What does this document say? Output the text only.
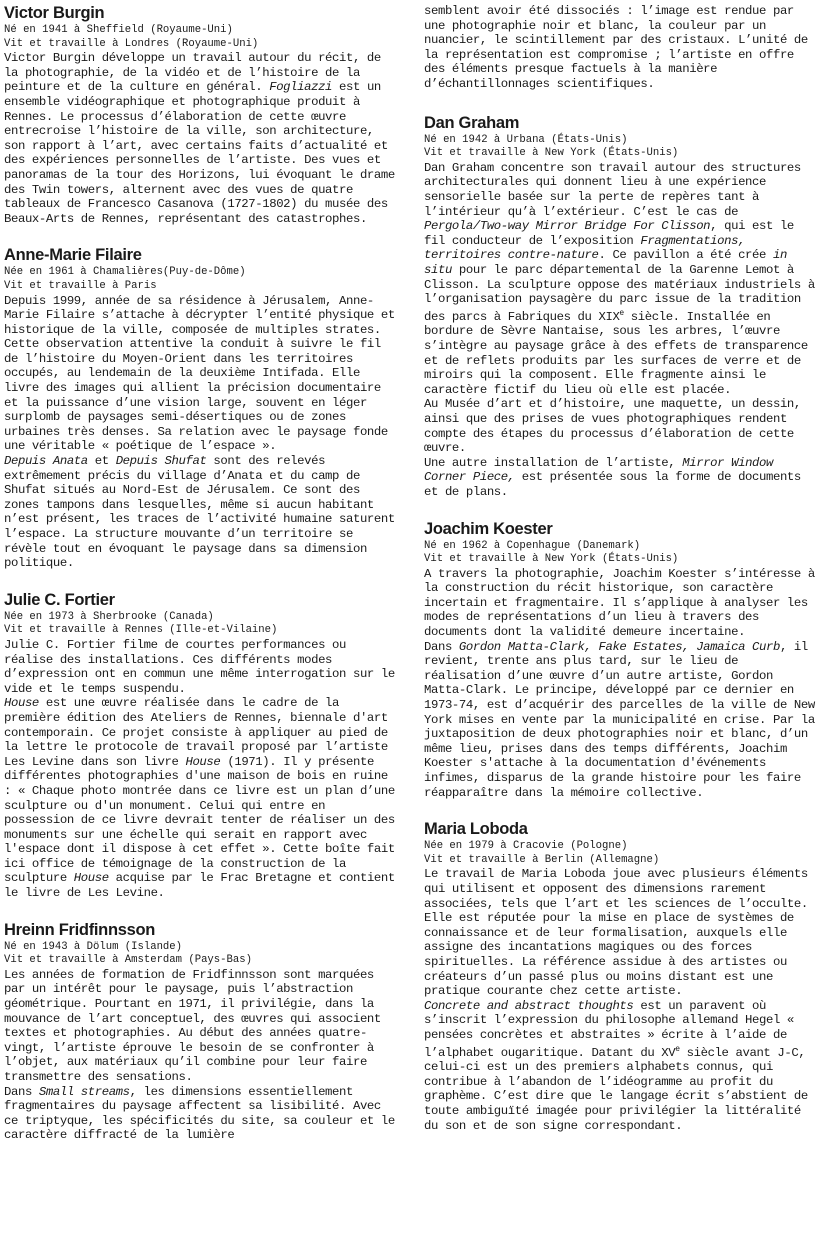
Victor Burgin

Né en 1941 à Sheffield (Royaume-Uni)

Vit et travaille à Londres (Royaume-Uni)

Victor Burgin développe un travail autour du récit, de la photographie, de la vidéo et de l’histoire de la peinture et de la culture en général. Fogliazzi est un ensemble vidéographique et photographique produit à Rennes. Le processus d’élaboration de cette œuvre entrecroise l’histoire de la ville, son architecture, son rapport à l’art, avec certains faits d’actualité et des expériences personnelles de l’artiste. Des vues et panoramas de la tour des Horizons, lui évoquant le drame des Twin towers, alternent avec des vues de quatre tableaux de Francesco Casanova (1727-1802) du musée des Beaux-Arts de Rennes, représentant des catastrophes.

Anne-Marie Filaire

Née en 1961 à Chamalières(Puy-de-Dôme)

Vit et travaille à Paris

Depuis 1999, année de sa résidence à Jérusalem, Anne-Marie Filaire s’attache à décrypter l’entité physique et historique de la ville, composée de multiples strates. Cette observation attentive la conduit à suivre le fil de l’histoire du Moyen-Orient dans les territoires occupés, au lendemain de la deuxième Intifada. Elle livre des images qui allient la précision documentaire et la puissance d’une vision large, souvent en léger surplomb de paysages semi-désertiques ou de zones urbaines très denses. Sa relation avec le paysage fonde une véritable « poétique de l’espace ».

Depuis Anata et Depuis Shufat sont des relevés extrêmement précis du village d’Anata et du camp de Shufat situés au Nord-Est de Jérusalem. Ce sont des zones tampons dans lesquelles, même si aucun habitant n’est présent, les traces de l’activité humaine saturent l’espace. La structure mouvante d’un territoire se révèle tout en évoquant le paysage dans sa dimension politique.

Julie C. Fortier

Née en 1973 à Sherbrooke (Canada)

Vit et travaille à Rennes (Ille-et-Vilaine)

Julie C. Fortier filme de courtes performances ou réalise des installations. Ces différents modes d’expression ont en commun une même interrogation sur le vide et le temps suspendu.

House est une œuvre réalisée dans le cadre de la première édition des Ateliers de Rennes, biennale d'art contemporain. Ce projet consiste à appliquer au pied de la lettre le protocole de travail proposé par l’artiste Les Levine dans son livre House (1971). Il y présente différentes photographies d'une maison de bois en ruine : « Chaque photo montrée dans ce livre est un plan d’une sculpture ou d'un monument. Celui qui entre en possession de ce livre devrait tenter de réaliser un des monuments sur une échelle qui serait en rapport avec l'espace dont il dispose à cet effet ». Cette boîte fait ici office de témoignage de la construction de la sculpture House acquise par le Frac Bretagne et contient le livre de Les Levine.

Hreinn Fridfinnsson

Né en 1943 à Dölum (Islande)

Vit et travaille à Amsterdam (Pays-Bas)

Les années de formation de Fridfinnsson sont marquées par un intérêt pour le paysage, puis l’abstraction géométrique. Pourtant en 1971, il privilégie, dans la mouvance de l’art conceptuel, des œuvres qui associent textes et photographies. Au début des années quatre-vingt, l’artiste éprouve le besoin de se confronter à l’objet, aux matériaux qu’il combine pour leur faire transmettre des sensations.

Dans Small streams, les dimensions essentiellement fragmentaires du paysage affectent sa lisibilité. Avec ce triptyque, les spécificités du site, sa couleur et le caractère diffracté de la lumière

semblent avoir été dissociés : l’image est rendue par une photographie noir et blanc, la couleur par un nuancier, le scintillement par des cristaux. L’unité de la représentation est compromise ; l’artiste en offre des éléments presque factuels à la manière d’échantillonnages scientifiques.

Dan Graham

Né en 1942 à Urbana (États-Unis)

Vit et travaille à New York (États-Unis)

Dan Graham concentre son travail autour des structures architecturales qui donnent lieu à une expérience sensorielle basée sur la perte de repères tant à l’intérieur qu’à l’extérieur. C’est le cas de Pergola/Two-way Mirror Bridge For Clisson, qui est le fil conducteur de l’exposition Fragmentations, territoires contre-nature. Ce pavillon a été crée in situ pour le parc départemental de la Garenne Lemot à Clisson. La sculpture oppose des matériaux industriels à l’organisation paysagère du parc issue de la tradition des parcs à Fabriques du XIXe siècle. Installée en bordure de Sèvre Nantaise, sous les arbres, l’œuvre s’intègre au paysage grâce à des effets de transparence et de reflets produits par les surfaces de verre et de miroirs qui la composent. Elle fragmente ainsi le caractère fictif du lieu où elle est placée.

Au Musée d’art et d’histoire, une maquette, un dessin, ainsi que des prises de vues photographiques rendent compte des étapes du processus d’élaboration de cette œuvre.

Une autre installation de l’artiste, Mirror Window Corner Piece, est présentée sous la forme de documents et de plans.

Joachim Koester

Né en 1962 à Copenhague (Danemark)

Vit et travaille à New York (États-Unis)

A travers la photographie, Joachim Koester s’intéresse à la construction du récit historique, son caractère incertain et fragmentaire. Il s’applique à analyser les modes de représentations d’un lieu à travers des documents dont la validité demeure incertaine.

Dans Gordon Matta-Clark, Fake Estates, Jamaica Curb, il revient, trente ans plus tard, sur le lieu de réalisation d’une œuvre d’un autre artiste, Gordon Matta-Clark. Le principe, développé par ce dernier en 1973-74, est d’acquérir des parcelles de la ville de New York mises en vente par la municipalité en crise. Par la juxtaposition de deux photographies noir et blanc, d’un même lieu, prises dans des temps différents, Joachim Koester s'attache à la documentation d'événements infimes, disparus de la grande histoire pour les faire réapparaître dans la mémoire collective.

Maria Loboda

Née en 1979 à Cracovie (Pologne)

Vit et travaille à Berlin (Allemagne)

Le travail de Maria Loboda joue avec plusieurs éléments qui utilisent et opposent des dimensions rarement associées, tels que l’art et les sciences de l’occulte. Elle est réputée pour la mise en place de systèmes de connaissance et de leur formalisation, auxquels elle assigne des incantations magiques ou des forces spirituelles. La référence assidue à des artistes ou créateurs d’un passé plus ou moins distant est une pratique courante chez cette artiste.

Concrete and abstract thoughts est un paravent où s’inscrit l’expression du philosophe allemand Hegel « pensées concrètes et abstraites » écrite à l’aide de l’alphabet ougaritique. Datant du XVe siècle avant J-C, celui-ci est un des premiers alphabets connus, qui contribue à l’abandon de l’idéogramme au profit du graphème. C’est dire que le langage écrit s’abstient de toute ambiguïté imagée pour privilégier la littéralité du son et de son signe correspondant.
